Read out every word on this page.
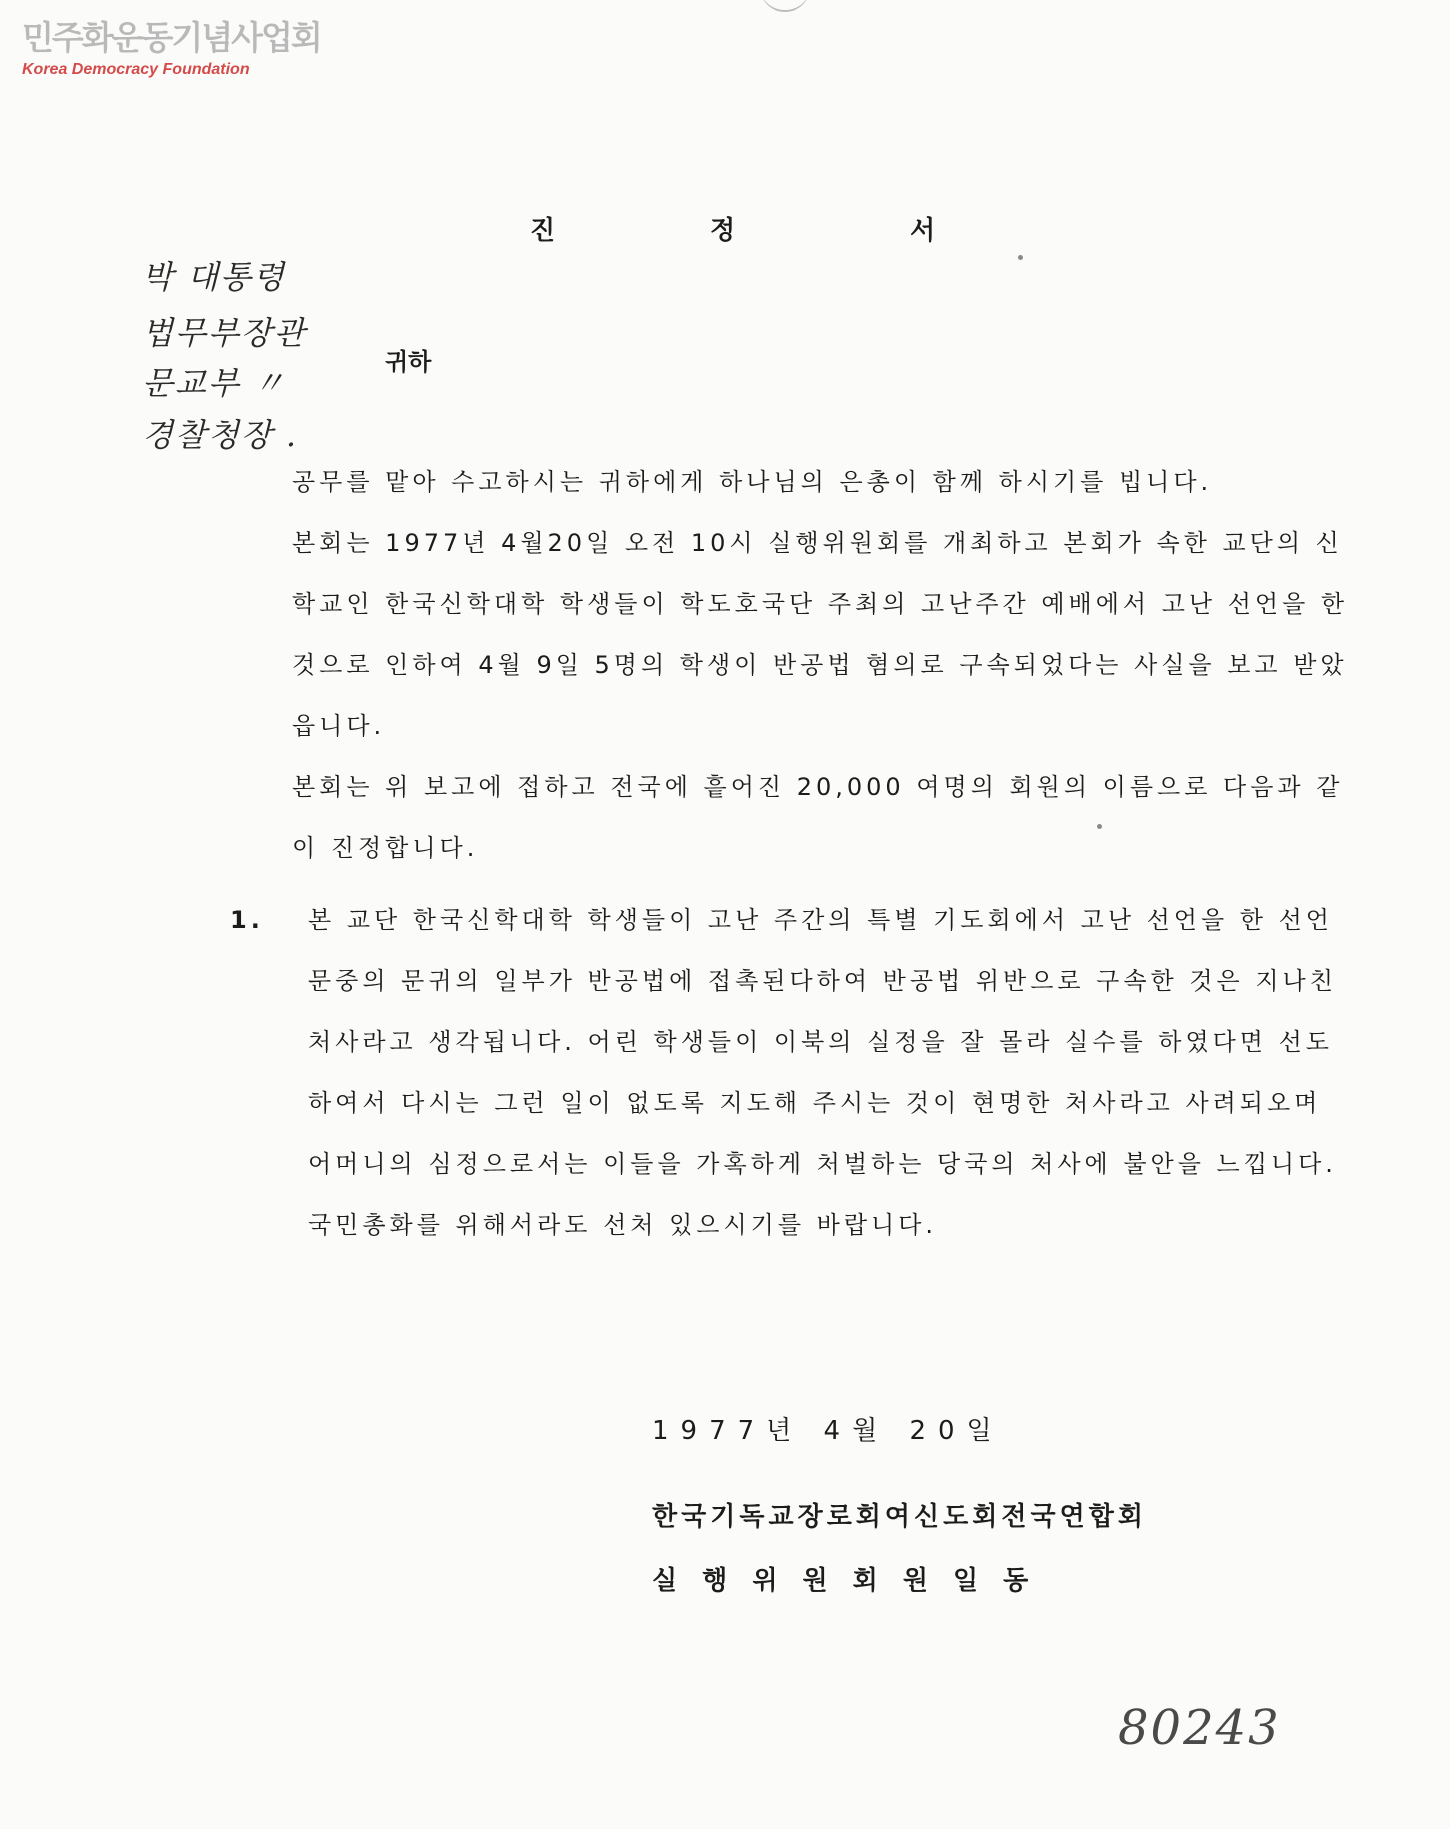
민주화운동기념사업회
Korea Democracy Foundation
진	정	서
박 대통령
법무부장관
문교부 〃
경찰청장 .
귀하

공무를 맡아 수고하시는 귀하에게 하나님의 은총이 함께 하시기를 빕니다.

본회는 1977년 4월20일 오전 10시 실행위원회를 개최하고 본회가 속한 교단의 신학교인 한국신학대학 학생들이 학도호국단 주최의 고난주간 예배에서 고난 선언을 한 것으로 인하여 4월 9일 5명의 학생이 반공법 혐의로 구속되었다는 사실을 보고 받았읍니다.

본회는 위 보고에 접하고 전국에 흩어진 20,000 여명의 회원의 이름으로 다음과 같이 진정합니다.

1. 본 교단 한국신학대학 학생들이 고난 주간의 특별 기도회에서 고난 선언을 한 선언문중의 문귀의 일부가 반공법에 접촉된다하여 반공법 위반으로 구속한 것은 지나친 처사라고 생각됩니다. 어린 학생들이 이북의 실정을 잘 몰라 실수를 하였다면 선도하여서 다시는 그런 일이 없도록 지도해 주시는 것이 현명한 처사라고 사려되오며 어머니의 심정으로서는 이들을 가혹하게 처벌하는 당국의 처사에 불안을 느낍니다. 국민총화를 위해서라도 선처 있으시기를 바랍니다.
1977년 4월 20일
한국기독교장로회여신도회전국연합회
실 행 위 원 회 원 일 동
80243
